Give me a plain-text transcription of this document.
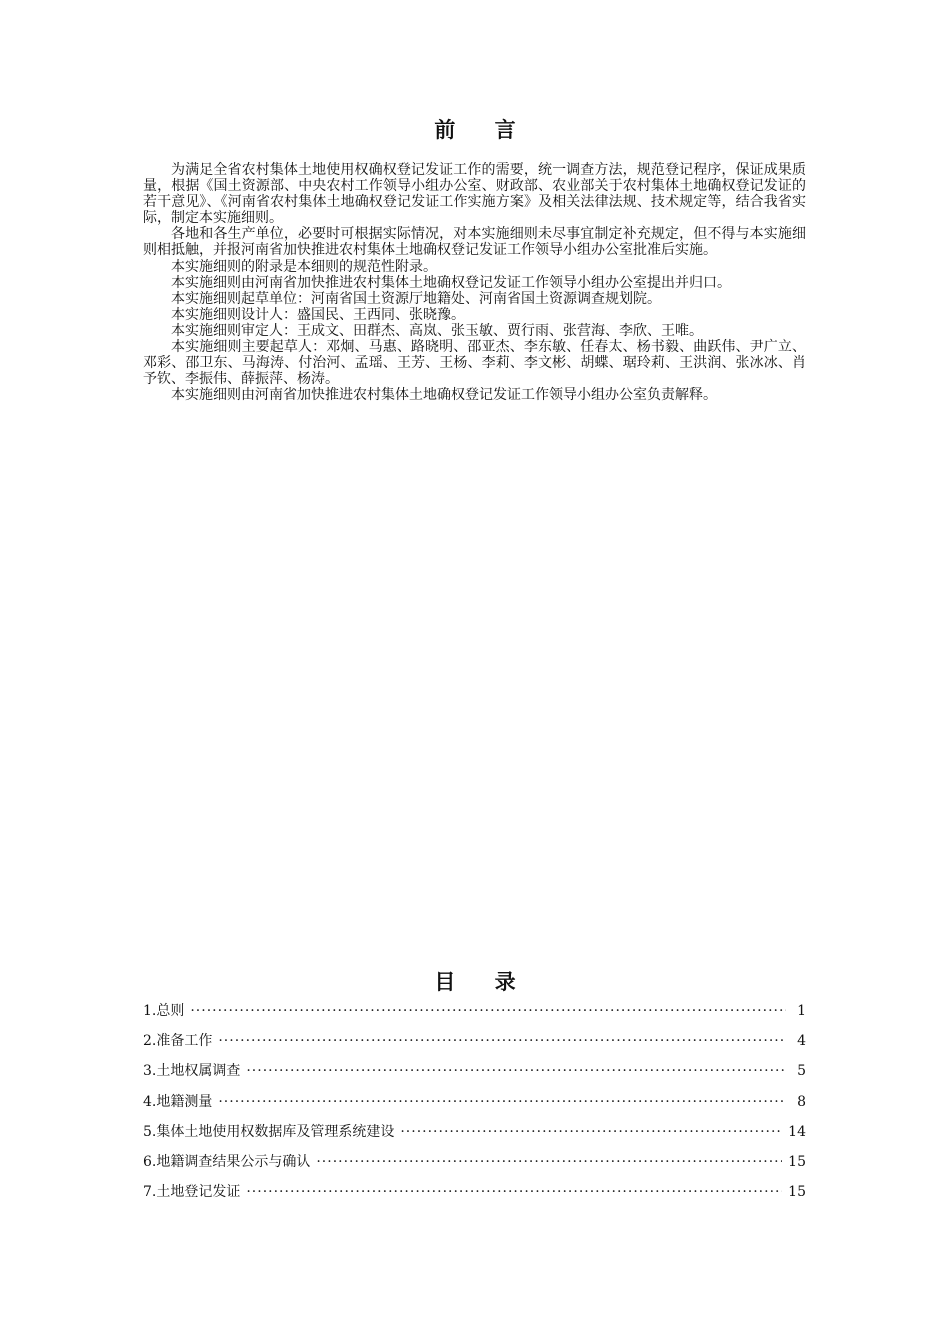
前 言

为满足全省农村集体土地使用权确权登记发证工作的需要，统一调查方法，规范登记程序，保证成果质量，根据《国土资源部、中央农村工作领导小组办公室、财政部、农业部关于农村集体土地确权登记发证的若干意见》、《河南省农村集体土地确权登记发证工作实施方案》及相关法律法规、技术规定等，结合我省实际，制定本实施细则。

各地和各生产单位，必要时可根据实际情况，对本实施细则未尽事宜制定补充规定，但不得与本实施细则相抵触，并报河南省加快推进农村集体土地确权登记发证工作领导小组办公室批准后实施。

本实施细则的附录是本细则的规范性附录。

本实施细则由河南省加快推进农村集体土地确权登记发证工作领导小组办公室提出并归口。

本实施细则起草单位：河南省国土资源厅地籍处、河南省国土资源调查规划院。

本实施细则设计人：盛国民、王西同、张晓豫。

本实施细则审定人：王成文、田群杰、高岚、张玉敏、贾行雨、张营海、李欣、王唯。

本实施细则主要起草人：邓炯、马惠、路晓明、邵亚杰、李东敏、任春太、杨书毅、曲跃伟、尹广立、邓彩、邵卫东、马海涛、付治河、孟瑶、王芳、王杨、李莉、李文彬、胡蝶、琚玲莉、王洪润、张冰冰、肖予钦、李振伟、薛振萍、杨涛。

本实施细则由河南省加快推进农村集体土地确权登记发证工作领导小组办公室负责解释。

目 录
1.总则 ·····	1
2.准备工作 ·····	4
3.土地权属调查 ·····	5
4.地籍测量 ·····	8
5.集体土地使用权数据库及管理系统建设 ·····	14
6.地籍调查结果公示与确认 ·····	15
7.土地登记发证 ·····	15
